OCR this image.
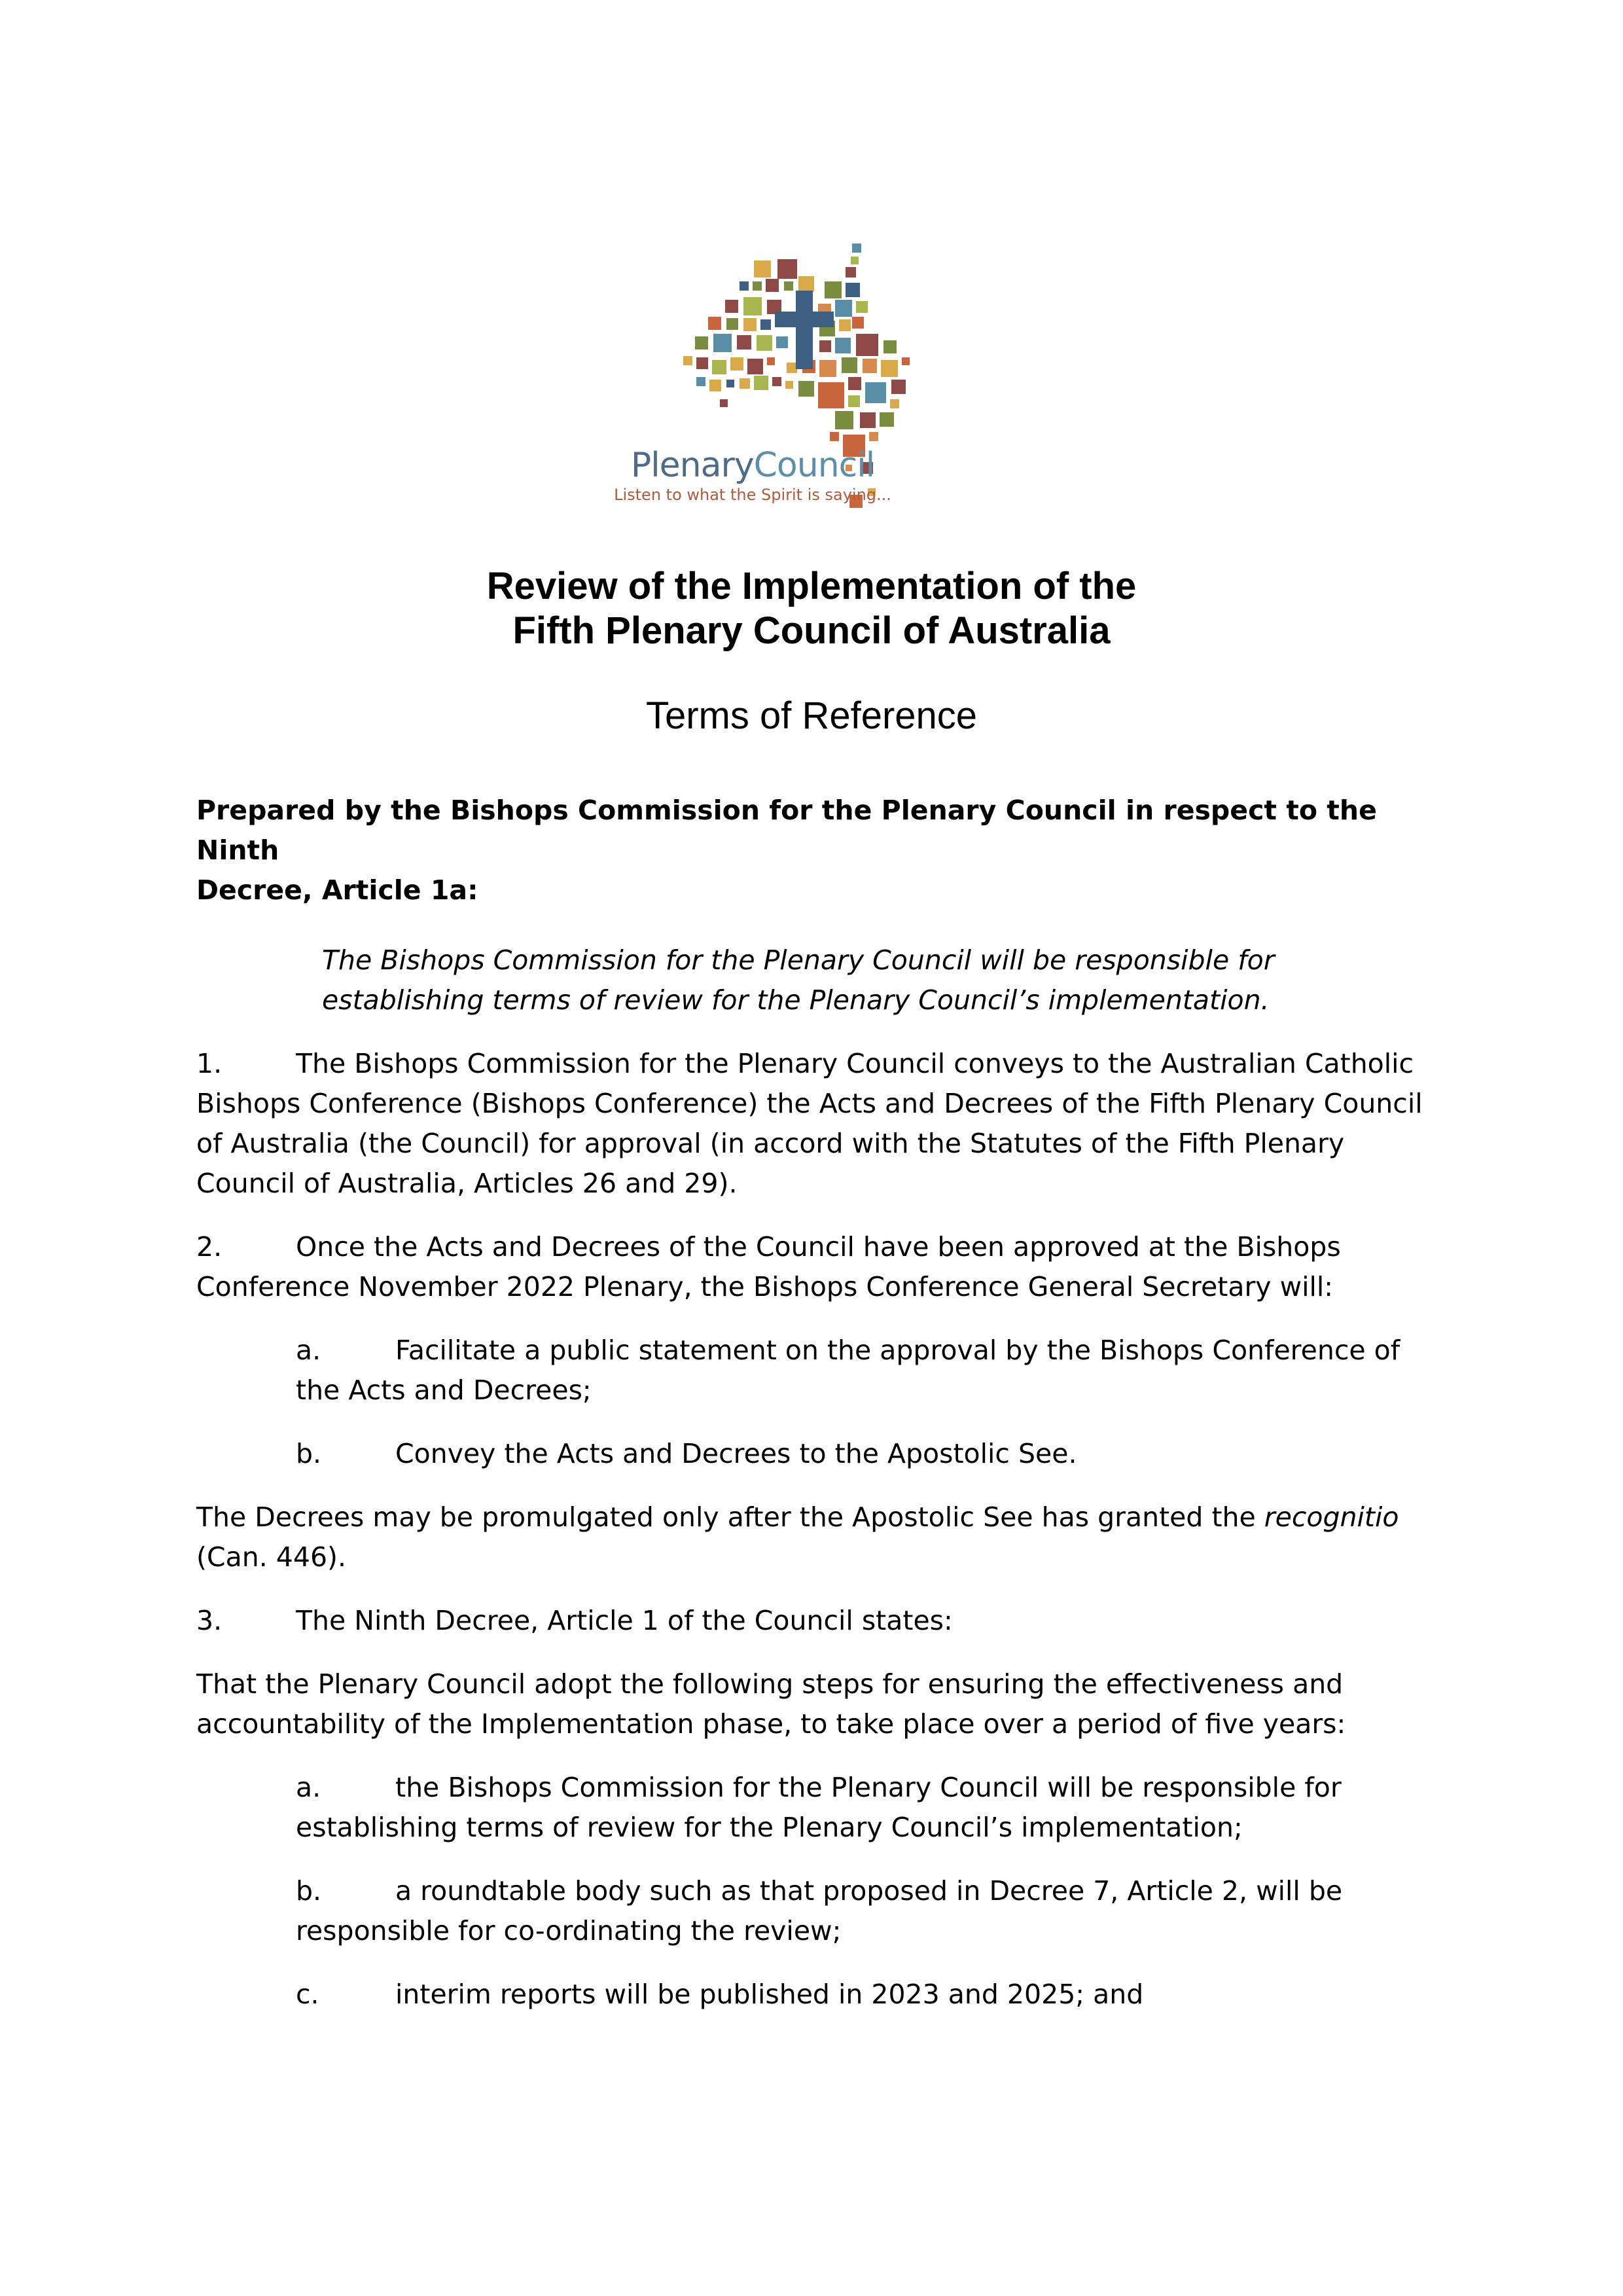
PlenaryCouncil
Listen to what the Spirit is saying...
Review of the Implementation of the
Fifth Plenary Council of Australia
Terms of Reference

Prepared by the Bishops Commission for the Plenary Council in respect to the Ninth
Decree, Article 1a:

The Bishops Commission for the Plenary Council will be responsible for
establishing terms of review for the Plenary Council’s implementation.

1.	The Bishops Commission for the Plenary Council conveys to the Australian Catholic
Bishops Conference (Bishops Conference) the Acts and Decrees of the Fifth Plenary Council
of Australia (the Council) for approval (in accord with the Statutes of the Fifth Plenary
Council of Australia, Articles 26 and 29).

2.	Once the Acts and Decrees of the Council have been approved at the Bishops
Conference November 2022 Plenary, the Bishops Conference General Secretary will:

a.	Facilitate a public statement on the approval by the Bishops Conference of
the Acts and Decrees;

b.	Convey the Acts and Decrees to the Apostolic See.

The Decrees may be promulgated only after the Apostolic See has granted the recognitio
(Can. 446).

3.	The Ninth Decree, Article 1 of the Council states:

That the Plenary Council adopt the following steps for ensuring the effectiveness and
accountability of the Implementation phase, to take place over a period of five years:

a.	the Bishops Commission for the Plenary Council will be responsible for
establishing terms of review for the Plenary Council’s implementation;

b.	a roundtable body such as that proposed in Decree 7, Article 2, will be
responsible for co-ordinating the review;

c.	interim reports will be published in 2023 and 2025; and
